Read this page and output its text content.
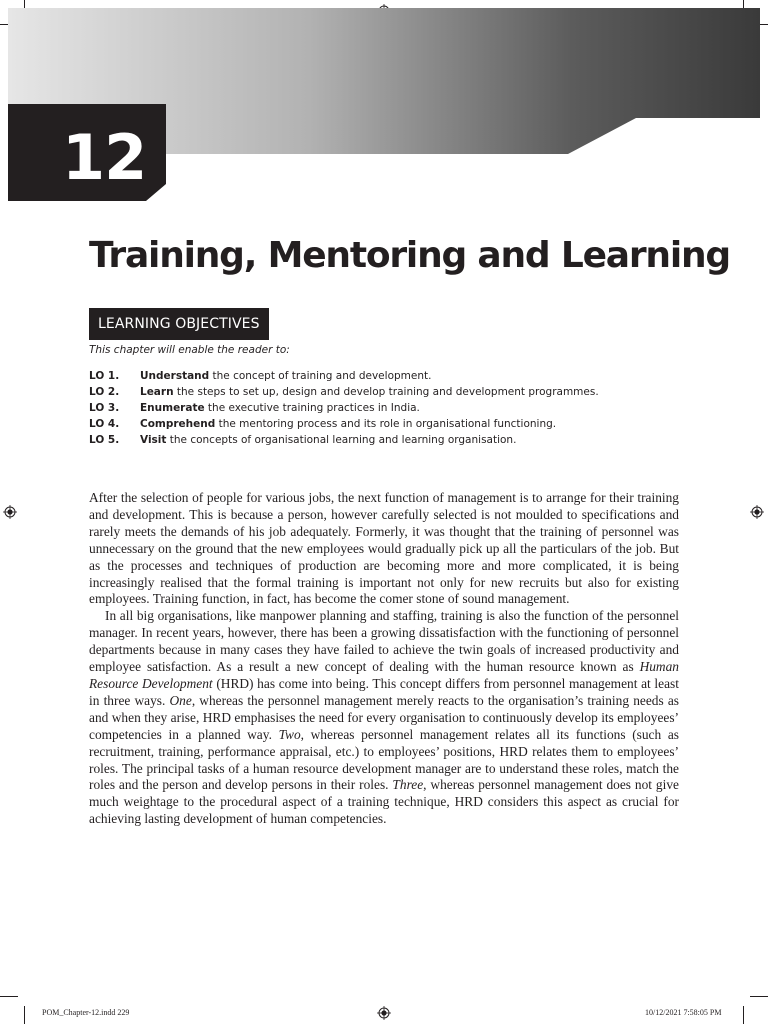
12
Training, Mentoring and Learning
LEARNING OBJECTIVES
This chapter will enable the reader to:
LO 1. Understand the concept of training and development.
LO 2. Learn the steps to set up, design and develop training and development programmes.
LO 3. Enumerate the executive training practices in India.
LO 4. Comprehend the mentoring process and its role in organisational functioning.
LO 5. Visit the concepts of organisational learning and learning organisation.

After the selection of people for various jobs, the next function of management is to arrange for their training and development. This is because a person, however carefully selected is not moulded to specifications and rarely meets the demands of his job adequately. Formerly, it was thought that the training of personnel was unnecessary on the ground that the new employees would gradually pick up all the particulars of the job. But as the processes and techniques of production are becoming more and more complicated, it is being increasingly realised that the formal training is important not only for new recruits but also for existing employees. Training function, in fact, has become the comer stone of sound management.

In all big organisations, like manpower planning and staffing, training is also the function of the personnel manager. In recent years, however, there has been a growing dissatisfaction with the functioning of personnel departments because in many cases they have failed to achieve the twin goals of increased productivity and employee satisfaction. As a result a new concept of dealing with the human resource known as Human Resource Development (HRD) has come into being. This concept differs from personnel management at least in three ways. One, whereas the personnel management merely reacts to the organisation’s training needs as and when they arise, HRD emphasises the need for every organisation to continuously develop its employees’ competencies in a planned way. Two, whereas personnel management relates all its functions (such as recruitment, training, performance appraisal, etc.) to employees’ positions, HRD relates them to employees’ roles. The principal tasks of a human resource development manager are to understand these roles, match the roles and the person and develop persons in their roles. Three, whereas personnel management does not give much weightage to the procedural aspect of a training technique, HRD considers this aspect as crucial for achieving lasting development of human competencies.

POM_Chapter-12.indd 229	10/12/2021 7:58:05 PM
